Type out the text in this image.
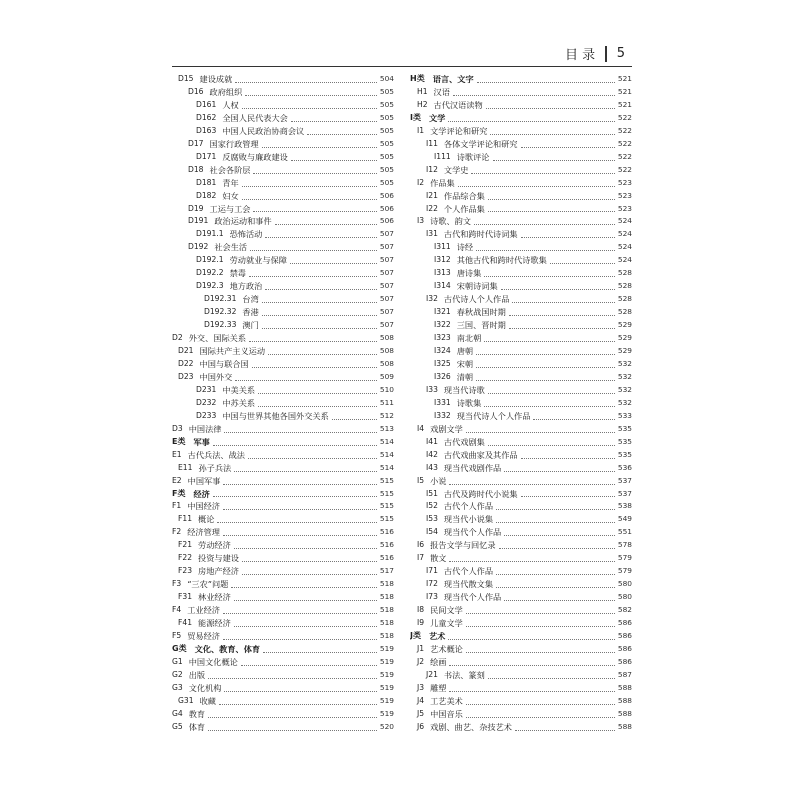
目 录 5
D15 建设成就	504
D16 政府组织	505
D161 人权	505
D162 全国人民代表大会	505
D163 中国人民政治协商会议	505
D17 国家行政管理	505
D171 反腐败与廉政建设	505
D18 社会各阶层	505
D181 青年	505
D182 妇女	506
D19 工运与工会	506
D191 政治运动和事件	506
D191.1 恐怖活动	507
D192 社会生活	507
D192.1 劳动就业与保障	507
D192.2 禁毒	507
D192.3 地方政治	507
D192.31 台湾	507
D192.32 香港	507
D192.33 澳门	507
D2 外交、国际关系	508
D21 国际共产主义运动	508
D22 中国与联合国	508
D23 中国外交	509
D231 中美关系	510
D232 中苏关系	511
D233 中国与世界其他各国外交关系	512
D3 中国法律	513
E类 军事	514
E1 古代兵法、战法	514
E11 孙子兵法	514
E2 中国军事	515
F类 经济	515
F1 中国经济	515
F11 概论	515
F2 经济管理	516
F21 劳动经济	516
F22 投资与建设	516
F23 房地产经济	517
F3 “三农”问题	518
F31 林业经济	518
F4 工业经济	518
F41 能源经济	518
F5 贸易经济	518
G类 文化、教育、体育	519
G1 中国文化概论	519
G2 出版	519
G3 文化机构	519
G31 收藏	519
G4 教育	519
G5 体育	520
H类 语言、文字	521
H1 汉语	521
H2 古代汉语读物	521
I类 文学	522
I1 文学评论和研究	522
I11 各体文学评论和研究	522
I111 诗歌评论	522
I12 文学史	522
I2 作品集	523
I21 作品综合集	523
I22 个人作品集	523
I3 诗歌、韵文	524
I31 古代和跨时代诗词集	524
I311 诗经	524
I312 其他古代和跨时代诗歌集	524
I313 唐诗集	528
I314 宋朝诗词集	528
I32 古代诗人个人作品	528
I321 春秋战国时期	528
I322 三国、晋时期	529
I323 南北朝	529
I324 唐朝	529
I325 宋朝	532
I326 清朝	532
I33 现当代诗歌	532
I331 诗歌集	532
I332 现当代诗人个人作品	533
I4 戏剧文学	535
I41 古代戏剧集	535
I42 古代戏曲家及其作品	535
I43 现当代戏剧作品	536
I5 小说	537
I51 古代及跨时代小说集	537
I52 古代个人作品	538
I53 现当代小说集	549
I54 现当代个人作品	551
I6 报告文学与回忆录	578
I7 散文	579
I71 古代个人作品	579
I72 现当代散文集	580
I73 现当代个人作品	580
I8 民间文学	582
I9 儿童文学	586
J类 艺术	586
J1 艺术概论	586
J2 绘画	586
J21 书法、篆刻	587
J3 雕塑	588
J4 工艺美术	588
J5 中国音乐	588
J6 戏剧、曲艺、杂技艺术	588
